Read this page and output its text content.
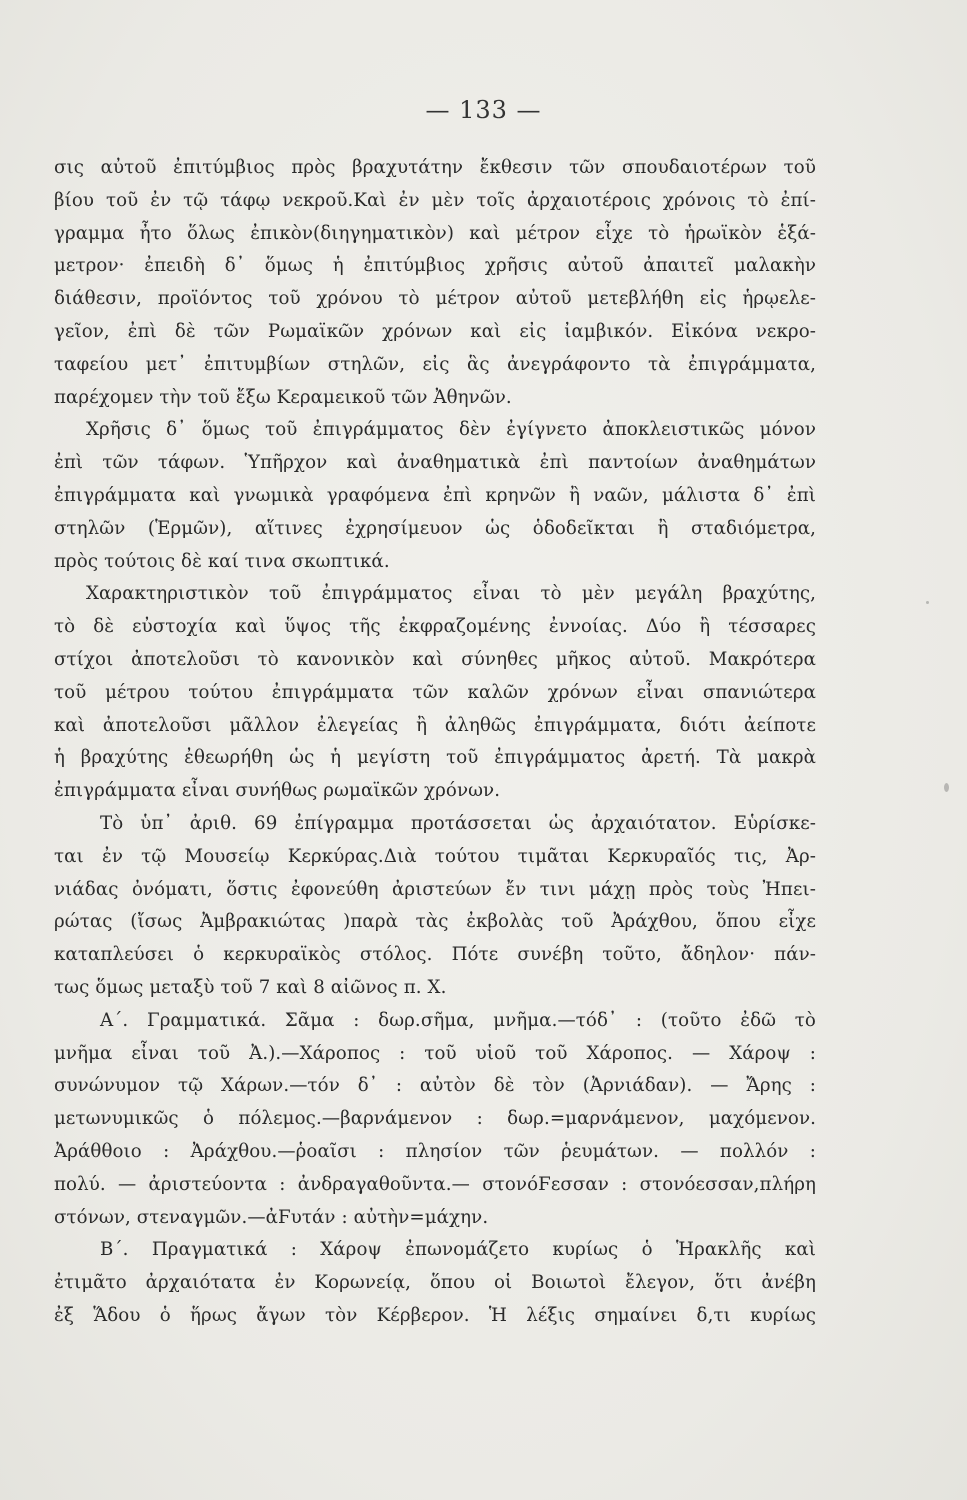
— 133 —
σις αὐτοῦ ἐπιτύμβιος πρὸς βραχυτάτην ἔκθεσιν τῶν σπουδαιοτέρων τοῦ
βίου τοῦ ἐν τῷ τάφῳ νεκροῦ.Καὶ ἐν μὲν τοῖς ἀρχαιοτέροις χρόνοις τὸ ἐπί-
γραμμα ἦτο ὅλως ἐπικὸν(διηγηματικὸν) καὶ μέτρον εἶχε τὸ ἡρωϊκὸν ἑξά-
μετρον· ἐπειδὴ δ᾽ ὅμως ἡ ἐπιτύμβιος χρῆσις αὐτοῦ ἀπαιτεῖ μαλακὴν
διάθεσιν, προϊόντος τοῦ χρόνου τὸ μέτρον αὐτοῦ μετεβλήθη εἰς ἡρῳελε-
γεῖον, ἐπὶ δὲ τῶν Ρωμαϊκῶν χρόνων καὶ εἰς ἰαμβικόν. Εἰκόνα νεκρο-
ταφείου μετ᾽ ἐπιτυμβίων στηλῶν, εἰς ἃς ἀνεγράφοντο τὰ ἐπιγράμματα,
παρέχομεν τὴν τοῦ ἔξω Κεραμεικοῦ τῶν Ἀθηνῶν.
Χρῆσις δ᾽ ὅμως τοῦ ἐπιγράμματος δὲν ἐγίγνετο ἀποκλειστικῶς μόνον
ἐπὶ τῶν τάφων. Ὑπῆρχον καὶ ἀναθηματικὰ ἐπὶ παντοίων ἀναθημάτων
ἐπιγράμματα καὶ γνωμικὰ γραφόμενα ἐπὶ κρηνῶν ἢ ναῶν, μάλιστα δ᾽ ἐπὶ
στηλῶν (Ἑρμῶν), αἵτινες ἐχρησίμευον ὡς ὁδοδεῖκται ἢ σταδιόμετρα,
πρὸς τούτοις δὲ καί τινα σκωπτικά.
Χαρακτηριστικὸν τοῦ ἐπιγράμματος εἶναι τὸ μὲν μεγάλη βραχύτης,
τὸ δὲ εὐστοχία καὶ ὕψος τῆς ἐκφραζομένης ἐννοίας. Δύο ἢ τέσσαρες
στίχοι ἀποτελοῦσι τὸ κανονικὸν καὶ σύνηθες μῆκος αὐτοῦ. Μακρότερα
τοῦ μέτρου τούτου ἐπιγράμματα τῶν καλῶν χρόνων εἶναι σπανιώτερα
καὶ ἀποτελοῦσι μᾶλλον ἐλεγείας ἢ ἀληθῶς ἐπιγράμματα, διότι ἀείποτε
ἡ βραχύτης ἐθεωρήθη ὡς ἡ μεγίστη τοῦ ἐπιγράμματος ἀρετή. Τὰ μακρὰ
ἐπιγράμματα εἶναι συνήθως ρωμαϊκῶν χρόνων.
Τὸ ὑπ᾽ ἀριθ. 69 ἐπίγραμμα προτάσσεται ὡς ἀρχαιότατον. Εὑρίσκε-
ται ἐν τῷ Μουσείῳ Κερκύρας.Διὰ τούτου τιμᾶται Κερκυραῖός τις, Ἀρ-
νιάδας ὀνόματι, ὅστις ἐφονεύθη ἀριστεύων ἔν τινι μάχῃ πρὸς τοὺς Ἠπει-
ρώτας (ἴσως Ἀμβρακιώτας )παρὰ τὰς ἐκβολὰς τοῦ Ἀράχθου, ὅπου εἶχε
καταπλεύσει ὁ κερκυραϊκὸς στόλος. Πότε συνέβη τοῦτο, ἄδηλον· πάν-
τως ὅμως μεταξὺ τοῦ 7 καὶ 8 αἰῶνος π. Χ.
Α΄. Γραμματικά. Σᾶμα : δωρ.σῆμα, μνῆμα.—τόδ᾽ : (τοῦτο ἐδῶ τὸ
μνῆμα εἶναι τοῦ Ἀ.).—Χάροπος : τοῦ υἱοῦ τοῦ Χάροπος. — Χάροψ :
συνώνυμον τῷ Χάρων.—τόν δ᾽ : αὐτὸν δὲ τὸν (Ἀρνιάδαν). — Ἄρης :
μετωνυμικῶς ὁ πόλεμος.—βαρνάμενον : δωρ.=μαρνάμενον, μαχόμενον.
Ἀράθθοιο : Ἀράχθου.—ῥοαῖσι : πλησίον τῶν ῥευμάτων. — πολλόν :
πολύ. — ἀριστεύοντα : ἀνδραγαθοῦντα.— στονόϜεσσαν : στονόεσσαν,πλήρη
στόνων, στεναγμῶν.—ἀϜυτάν : αὐτὴν=μάχην.
Β΄. Πραγματικά : Χάροψ ἐπωνομάζετο κυρίως ὁ Ἡρακλῆς καὶ
ἐτιμᾶτο ἀρχαιότατα ἐν Κορωνείᾳ, ὅπου οἱ Βοιωτοὶ ἔλεγον, ὅτι ἀνέβη
ἐξ Ἅδου ὁ ἥρως ἄγων τὸν Κέρβερον. Ἡ λέξις σημαίνει δ,τι κυρίως
